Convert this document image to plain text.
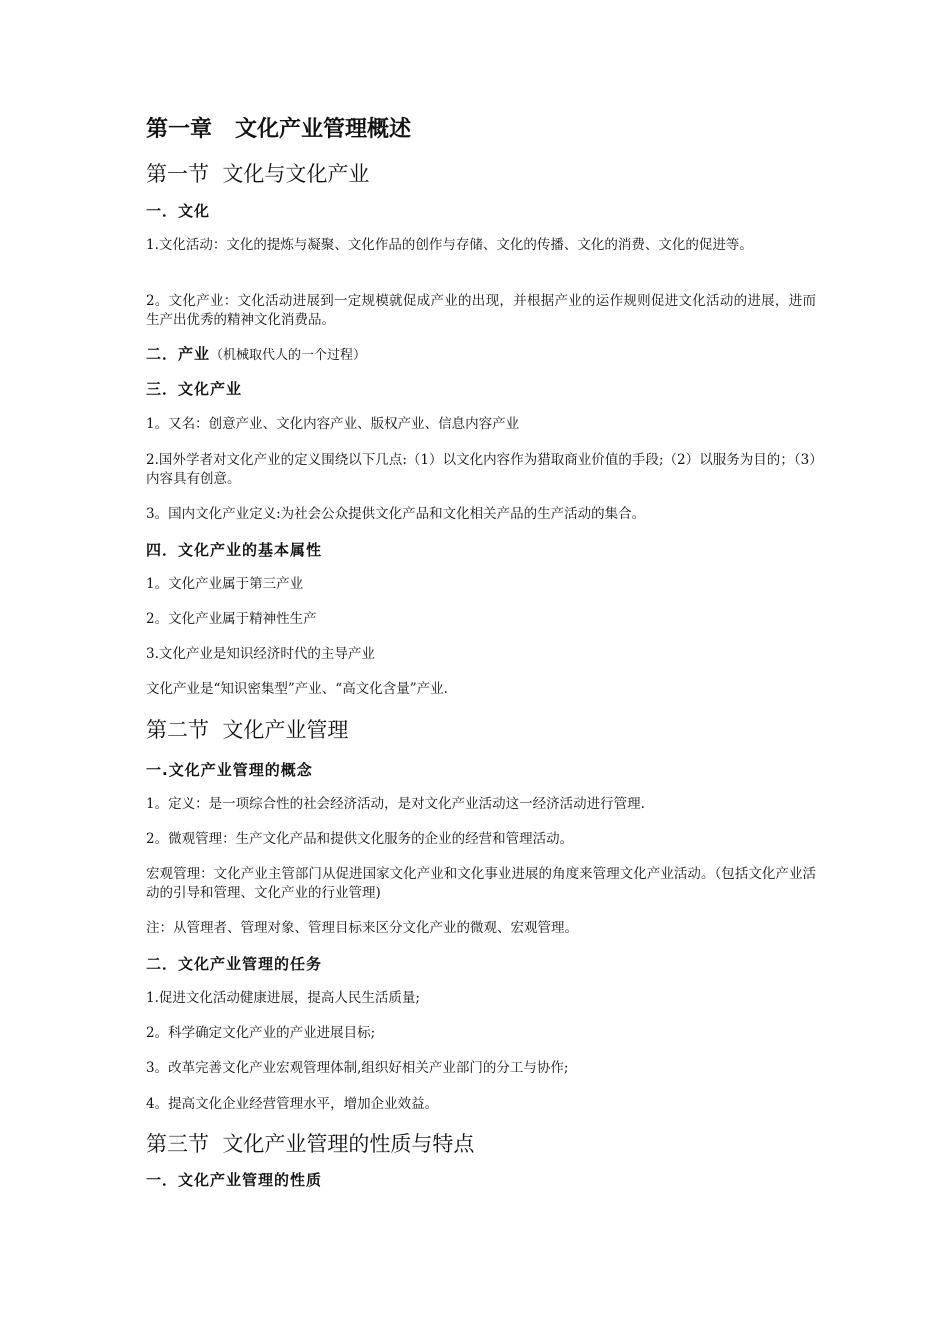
第一章   文化产业管理概述
第一节  文化与文化产业
一．文化

1.文化活动：文化的提炼与凝聚、文化作品的创作与存储、文化的传播、文化的消费、文化的促进等。

2。文化产业：文化活动进展到一定规模就促成产业的出现，并根据产业的运作规则促进文化活动的进展，进而生产出优秀的精神文化消费品。

二．产业（机械取代人的一个过程）
三．文化产业

1。又名：创意产业、文化内容产业、版权产业、信息内容产业

2.国外学者对文化产业的定义围绕以下几点:（1）以文化内容作为猎取商业价值的手段;（2）以服务为目的；（3）内容具有创意。

3。国内文化产业定义:为社会公众提供文化产品和文化相关产品的生产活动的集合。

四．文化产业的基本属性

1。文化产业属于第三产业

2。文化产业属于精神性生产

3.文化产业是知识经济时代的主导产业

文化产业是“知识密集型”产业、“高文化含量”产业.

第二节  文化产业管理
一.文化产业管理的概念

1。定义：是一项综合性的社会经济活动，是对文化产业活动这一经济活动进行管理.

2。微观管理：生产文化产品和提供文化服务的企业的经营和管理活动。

宏观管理：文化产业主管部门从促进国家文化产业和文化事业进展的角度来管理文化产业活动。（包括文化产业活动的引导和管理、文化产业的行业管理)

注：从管理者、管理对象、管理目标来区分文化产业的微观、宏观管理。

二．文化产业管理的任务

1.促进文化活动健康进展，提高人民生活质量;

2。科学确定文化产业的产业进展目标;

3。改革完善文化产业宏观管理体制,组织好相关产业部门的分工与协作;

4。提高文化企业经营管理水平，增加企业效益。

第三节  文化产业管理的性质与特点
一．文化产业管理的性质
